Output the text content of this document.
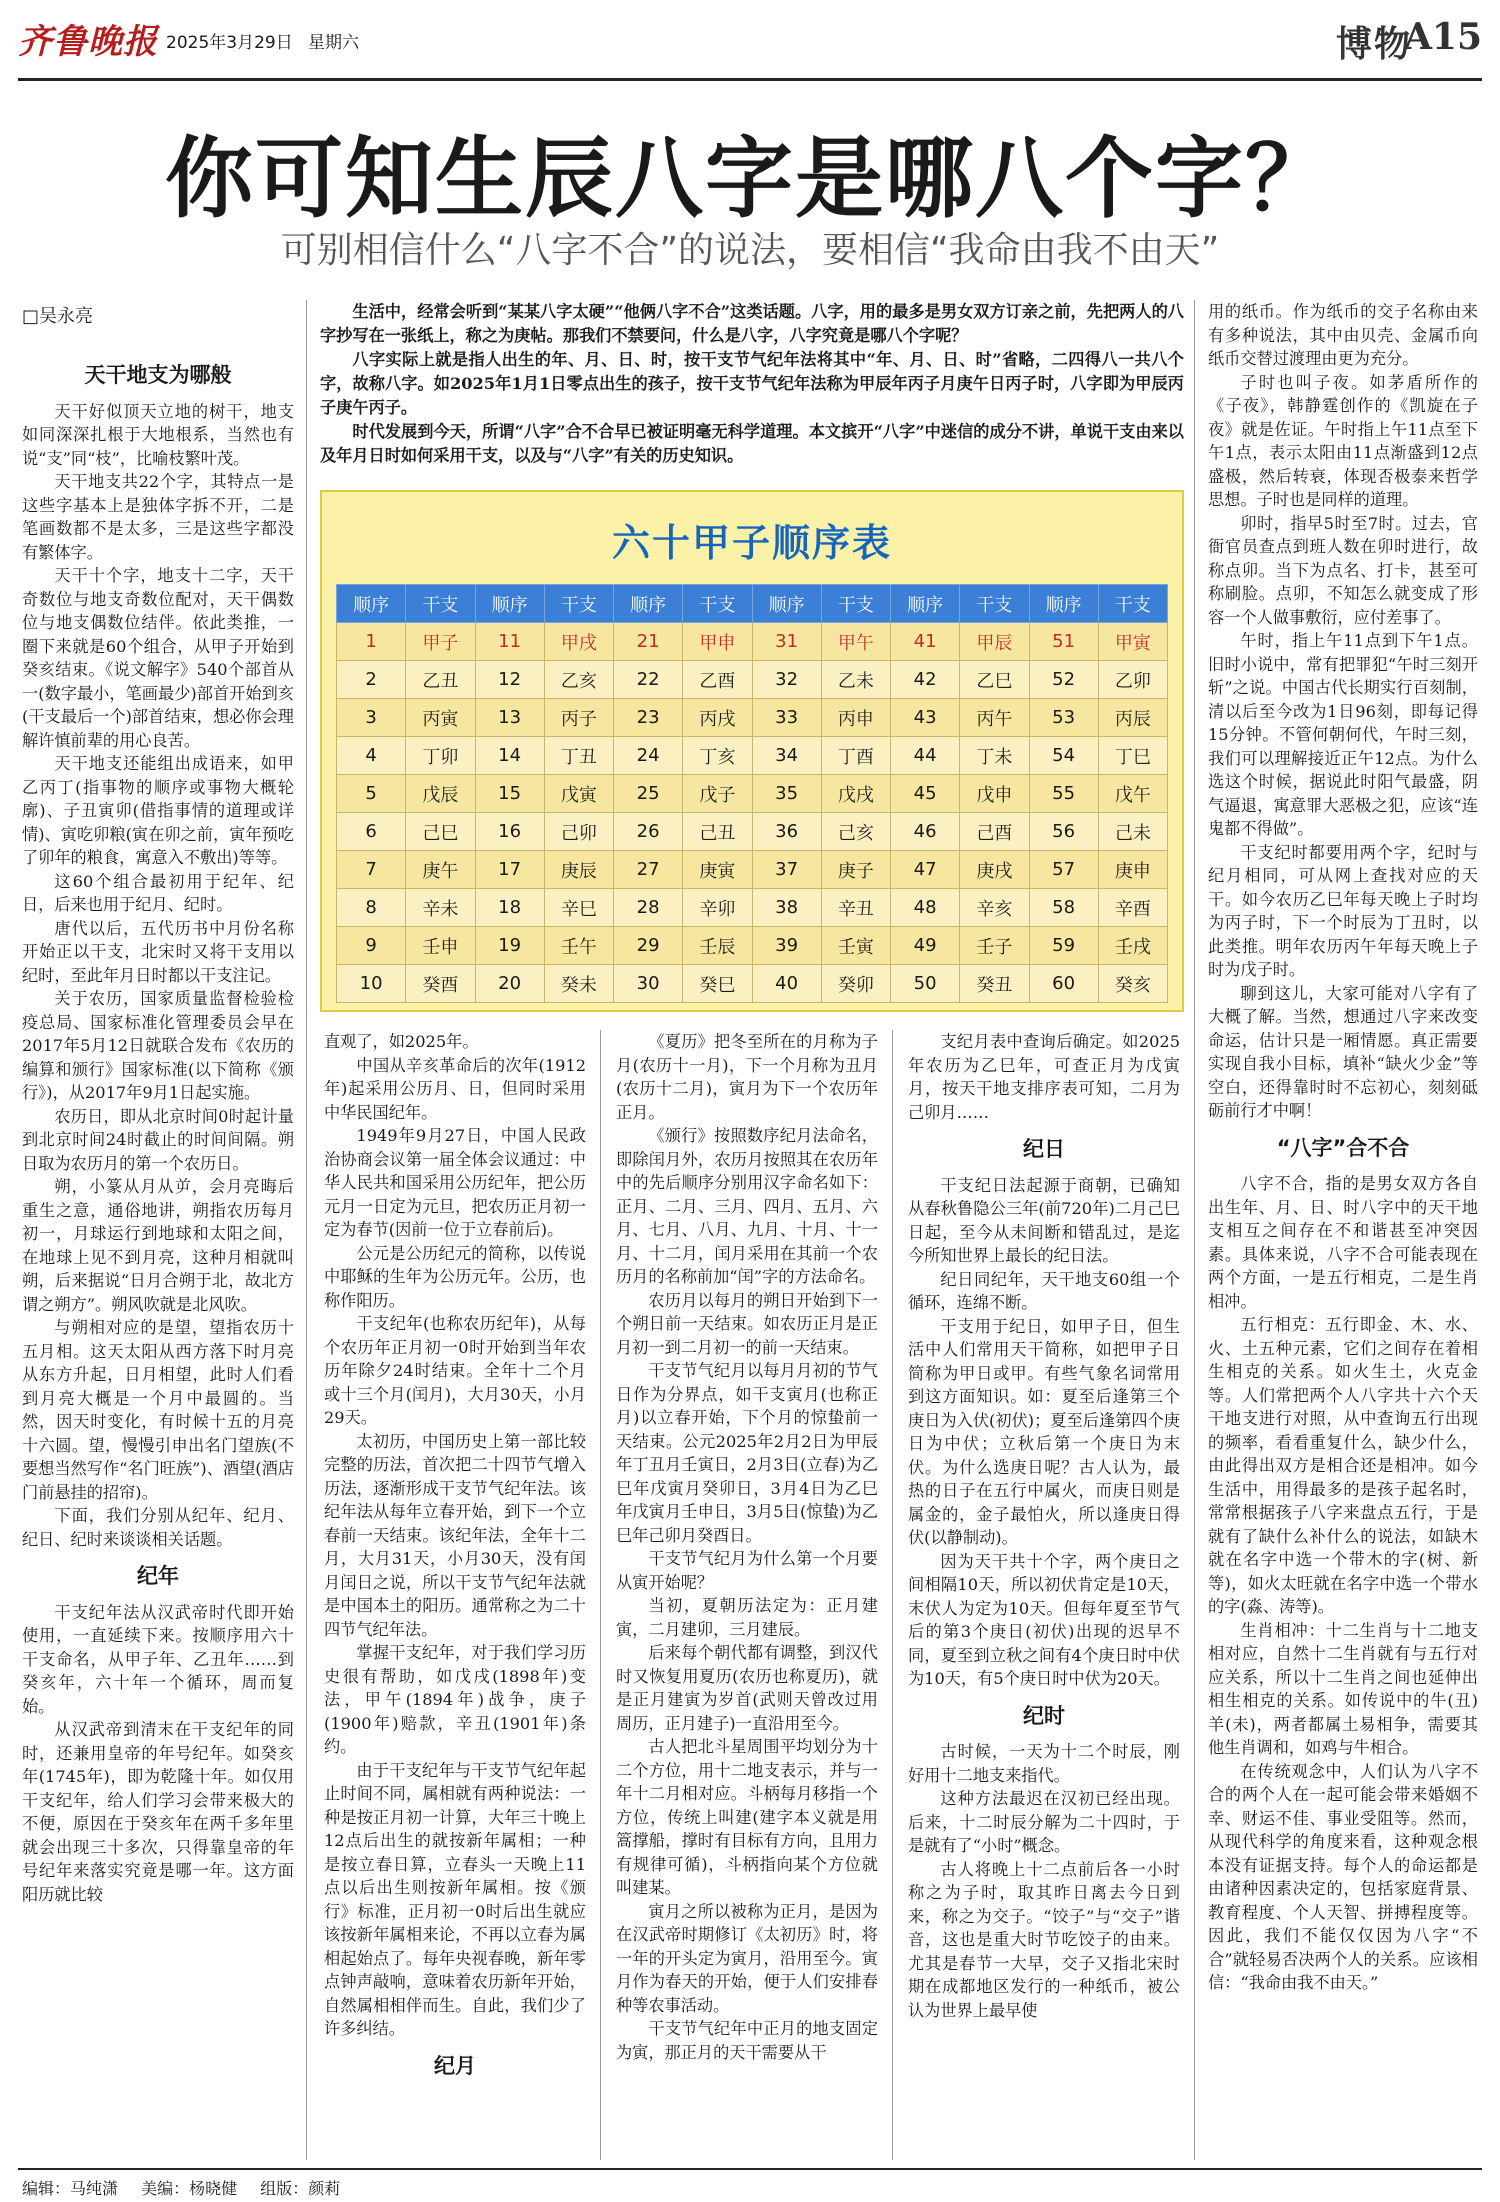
齐鲁晚报 2025年3月29日 星期六	博物
A15
你可知生辰八字是哪八个字？
可别相信什么“八字不合”的说法，要相信“我命由我不由天”
□吴永亮	生活中，经常会听到“某某八字太硬”“他俩八字不合”这类话题。八字，用的最多是男女双方订亲之前，先把两人的八字抄写在一张纸上，称之为庚帖。那我们不禁要问，什么是八字，八字究竟是哪八个字呢？

八字实际上就是指人出生的年、月、日、时，按干支节气纪年法将其中“年、月、日、时”省略，二四得八一共八个字，故称八字。如2025年1月1日零点出生的孩子，按干支节气纪年法称为甲辰年丙子月庚午日丙子时，八字即为甲辰丙子庚午丙子。

时代发展到今天，所谓“八字”合不合早已被证明毫无科学道理。本文摈开“八字”中迷信的成分不讲，单说干支由来以及年月日时如何采用干支，以及与“八字”有关的历史知识。

六十甲子顺序表
顺序	干支	顺序	干支	顺序	干支	顺序	干支	顺序	干支	顺序	干支
1	甲子	11	甲戌	21	甲申	31	甲午	41	甲辰	51	甲寅
2	乙丑	12	乙亥	22	乙酉	32	乙未	42	乙巳	52	乙卯
3	丙寅	13	丙子	23	丙戌	33	丙申	43	丙午	53	丙辰
4	丁卯	14	丁丑	24	丁亥	34	丁酉	44	丁未	54	丁巳
5	戊辰	15	戊寅	25	戊子	35	戊戌	45	戊申	55	戊午
6	己巳	16	己卯	26	己丑	36	己亥	46	己酉	56	己未
7	庚午	17	庚辰	27	庚寅	37	庚子	47	庚戌	57	庚申
8	辛未	18	辛巳	28	辛卯	38	辛丑	48	辛亥	58	辛酉
9	壬申	19	壬午	29	壬辰	39	壬寅	49	壬子	59	壬戌
10	癸酉	20	癸未	30	癸巳	40	癸卯	50	癸丑	60	癸亥
天干地支为哪般

天干好似顶天立地的树干，地支如同深深扎根于大地根系，当然也有说“支”同“枝”，比喻枝繁叶茂。

天干地支共22个字，其特点一是这些字基本上是独体字拆不开，二是笔画数都不是太多，三是这些字都没有繁体字。

天干十个字，地支十二字，天干奇数位与地支奇数位配对，天干偶数位与地支偶数位结伴。依此类推，一圈下来就是60个组合，从甲子开始到癸亥结束。《说文解字》540个部首从一(数字最小，笔画最少)部首开始到亥(干支最后一个)部首结束，想必你会理解许慎前辈的用心良苦。

天干地支还能组出成语来，如甲乙丙丁(指事物的顺序或事物大概轮廓)、子丑寅卯(借指事情的道理或详情)、寅吃卯粮(寅在卯之前，寅年预吃了卯年的粮食，寓意入不敷出)等等。

这60个组合最初用于纪年、纪日，后来也用于纪月、纪时。

唐代以后，五代历书中月份名称开始正以干支，北宋时又将干支用以纪时，至此年月日时都以干支注记。

关于农历，国家质量监督检验检疫总局、国家标准化管理委员会早在2017年5月12日就联合发布《农历的编算和颁行》国家标准(以下简称《颁行》)，从2017年9月1日起实施。

农历日，即从北京时间0时起计量到北京时间24时截止的时间间隔。朔日取为农历月的第一个农历日。

朔，小篆从月从屰，会月亮晦后重生之意，通俗地讲，朔指农历每月初一，月球运行到地球和太阳之间，在地球上见不到月亮，这种月相就叫朔，后来据说“日月合朔于北，故北方谓之朔方”。朔风吹就是北风吹。

与朔相对应的是望，望指农历十五月相。这天太阳从西方落下时月亮从东方升起，日月相望，此时人们看到月亮大概是一个月中最圆的。当然，因天时变化，有时候十五的月亮十六圆。望，慢慢引申出名门望族(不要想当然写作“名门旺族”)、酒望(酒店门前悬挂的招帘)。

下面，我们分别从纪年、纪月、纪日、纪时来谈谈相关话题。

纪年

干支纪年法从汉武帝时代即开始使用，一直延续下来。按顺序用六十干支命名，从甲子年、乙丑年……到癸亥年，六十年一个循环，周而复始。

从汉武帝到清末在干支纪年的同时，还兼用皇帝的年号纪年。如癸亥年(1745年)，即为乾隆十年。如仅用干支纪年，给人们学习会带来极大的不便，原因在于癸亥年在两千多年里就会出现三十多次，只得靠皇帝的年号纪年来落实究竟是哪一年。这方面阳历就比较

直观了，如2025年。

中国从辛亥革命后的次年(1912年)起采用公历月、日，但同时采用中华民国纪年。

1949年9月27日，中国人民政治协商会议第一届全体会议通过：中华人民共和国采用公历纪年，把公历元月一日定为元旦，把农历正月初一定为春节(因前一位于立春前后)。

公元是公历纪元的简称，以传说中耶稣的生年为公历元年。公历，也称作阳历。

干支纪年(也称农历纪年)，从每个农历年正月初一0时开始到当年农历年除夕24时结束。全年十二个月或十三个月(闰月)，大月30天，小月29天。

太初历，中国历史上第一部比较完整的历法，首次把二十四节气增入历法，逐渐形成干支节气纪年法。该纪年法从每年立春开始，到下一个立春前一天结束。该纪年法，全年十二月，大月31天，小月30天，没有闰月闰日之说，所以干支节气纪年法就是中国本土的阳历。通常称之为二十四节气纪年法。

掌握干支纪年，对于我们学习历史很有帮助，如戊戌(1898年)变法，甲午(1894年)战争，庚子(1900年)赔款，辛丑(1901年)条约。

由于干支纪年与干支节气纪年起止时间不同，属相就有两种说法：一种是按正月初一计算，大年三十晚上12点后出生的就按新年属相；一种是按立春日算，立春头一天晚上11点以后出生则按新年属相。按《颁行》标准，正月初一0时后出生就应该按新年属相来论，不再以立春为属相起始点了。每年央视春晚，新年零点钟声敲响，意味着农历新年开始，自然属相相伴而生。自此，我们少了许多纠结。

纪月

《夏历》把冬至所在的月称为子月(农历十一月)，下一个月称为丑月(农历十二月)，寅月为下一个农历年正月。

《颁行》按照数序纪月法命名，即除闰月外，农历月按照其在农历年中的先后顺序分别用汉字命名如下：正月、二月、三月、四月、五月、六月、七月、八月、九月、十月、十一月、十二月，闰月采用在其前一个农历月的名称前加“闰”字的方法命名。

农历月以每月的朔日开始到下一个朔日前一天结束。如农历正月是正月初一到二月初一的前一天结束。

干支节气纪月以每月月初的节气日作为分界点，如干支寅月(也称正月)以立春开始，下个月的惊蛰前一天结束。公元2025年2月2日为甲辰年丁丑月壬寅日，2月3日(立春)为乙巳年戊寅月癸卯日，3月4日为乙巳年戊寅月壬申日，3月5日(惊蛰)为乙巳年己卯月癸酉日。

干支节气纪月为什么第一个月要从寅开始呢？

当初，夏朝历法定为：正月建寅，二月建卯，三月建辰。

后来每个朝代都有调整，到汉代时又恢复用夏历(农历也称夏历)，就是正月建寅为岁首(武则天曾改过用周历，正月建子)一直沿用至今。

古人把北斗星周围平均划分为十二个方位，用十二地支表示，并与一年十二月相对应。斗柄每月移指一个方位，传统上叫建(建字本义就是用篙撑船，撑时有目标有方向，且用力有规律可循)，斗柄指向某个方位就叫建某。

寅月之所以被称为正月，是因为在汉武帝时期修订《太初历》时，将一年的开头定为寅月，沿用至今。寅月作为春天的开始，便于人们安排春种等农事活动。

干支节气纪年中正月的地支固定为寅，那正月的天干需要从干

支纪月表中查询后确定。如2025年农历为乙巳年，可查正月为戊寅月，按天干地支排序表可知，二月为己卯月……

纪日

干支纪日法起源于商朝，已确知从春秋鲁隐公三年(前720年)二月己巳日起，至今从未间断和错乱过，是迄今所知世界上最长的纪日法。

纪日同纪年，天干地支60组一个循环，连绵不断。

干支用于纪日，如甲子日，但生活中人们常用天干简称，如把甲子日简称为甲日或甲。有些气象名词常用到这方面知识。如：夏至后逢第三个庚日为入伏(初伏)；夏至后逢第四个庚日为中伏；立秋后第一个庚日为末伏。为什么选庚日呢？古人认为，最热的日子在五行中属火，而庚日则是属金的，金子最怕火，所以逢庚日得伏(以静制动)。

因为天干共十个字，两个庚日之间相隔10天，所以初伏肯定是10天，末伏人为定为10天。但每年夏至节气后的第3个庚日(初伏)出现的迟早不同，夏至到立秋之间有4个庚日时中伏为10天，有5个庚日时中伏为20天。

纪时

古时候，一天为十二个时辰，刚好用十二地支来指代。

这种方法最迟在汉初已经出现。后来，十二时辰分解为二十四时，于是就有了“小时”概念。

古人将晚上十二点前后各一小时称之为子时，取其昨日离去今日到来，称之为交子。“饺子”与“交子”谐音，这也是重大时节吃饺子的由来。尤其是春节一大早，交子又指北宋时期在成都地区发行的一种纸币，被公认为世界上最早使

用的纸币。作为纸币的交子名称由来有多种说法，其中由贝壳、金属币向纸币交替过渡理由更为充分。

子时也叫子夜。如茅盾所作的《子夜》，韩静霆创作的《凯旋在子夜》就是佐证。午时指上午11点至下午1点，表示太阳由11点渐盛到12点盛极，然后转衰，体现否极泰来哲学思想。子时也是同样的道理。

卯时，指早5时至7时。过去，官衙官员查点到班人数在卯时进行，故称点卯。当下为点名、打卡，甚至可称刷脸。点卯，不知怎么就变成了形容一个人做事敷衍，应付差事了。

午时，指上午11点到下午1点。旧时小说中，常有把罪犯“午时三刻开斩”之说。中国古代长期实行百刻制，清以后至今改为1日96刻，即每记得15分钟。不管何朝何代，午时三刻，我们可以理解接近正午12点。为什么选这个时候，据说此时阳气最盛，阴气逼退，寓意罪大恶极之犯，应该“连鬼都不得做”。

干支纪时都要用两个字，纪时与纪月相同，可从网上查找对应的天干。如今农历乙巳年每天晚上子时均为丙子时，下一个时辰为丁丑时，以此类推。明年农历丙午年每天晚上子时为戊子时。

聊到这儿，大家可能对八字有了大概了解。当然，想通过八字来改变命运，估计只是一厢情愿。真正需要实现自我小目标，填补“缺火少金”等空白，还得靠时时不忘初心，刻刻砥砺前行才中啊！

“八字”合不合

八字不合，指的是男女双方各自出生年、月、日、时八字中的天干地支相互之间存在不和谐甚至冲突因素。具体来说，八字不合可能表现在两个方面，一是五行相克，二是生肖相冲。

五行相克：五行即金、木、水、火、土五种元素，它们之间存在着相生相克的关系。如火生土，火克金等。人们常把两个人八字共十六个天干地支进行对照，从中查询五行出现的频率，看看重复什么，缺少什么，由此得出双方是相合还是相冲。如今生活中，用得最多的是孩子起名时，常常根据孩子八字来盘点五行，于是就有了缺什么补什么的说法，如缺木就在名字中选一个带木的字(树、新等)，如火太旺就在名字中选一个带水的字(淼、涛等)。

生肖相冲：十二生肖与十二地支相对应，自然十二生肖就有与五行对应关系，所以十二生肖之间也延伸出相生相克的关系。如传说中的牛(丑)羊(未)，两者都属土易相争，需要其他生肖调和，如鸡与牛相合。

在传统观念中，人们认为八字不合的两个人在一起可能会带来婚姻不幸、财运不佳、事业受阻等。然而，从现代科学的角度来看，这种观念根本没有证据支持。每个人的命运都是由诸种因素决定的，包括家庭背景、教育程度、个人天智、拼搏程度等。因此，我们不能仅仅因为八字“不合”就轻易否决两个人的关系。应该相信：“我命由我不由天。”

编辑：马纯潇 美编：杨晓健 组版：颜莉
